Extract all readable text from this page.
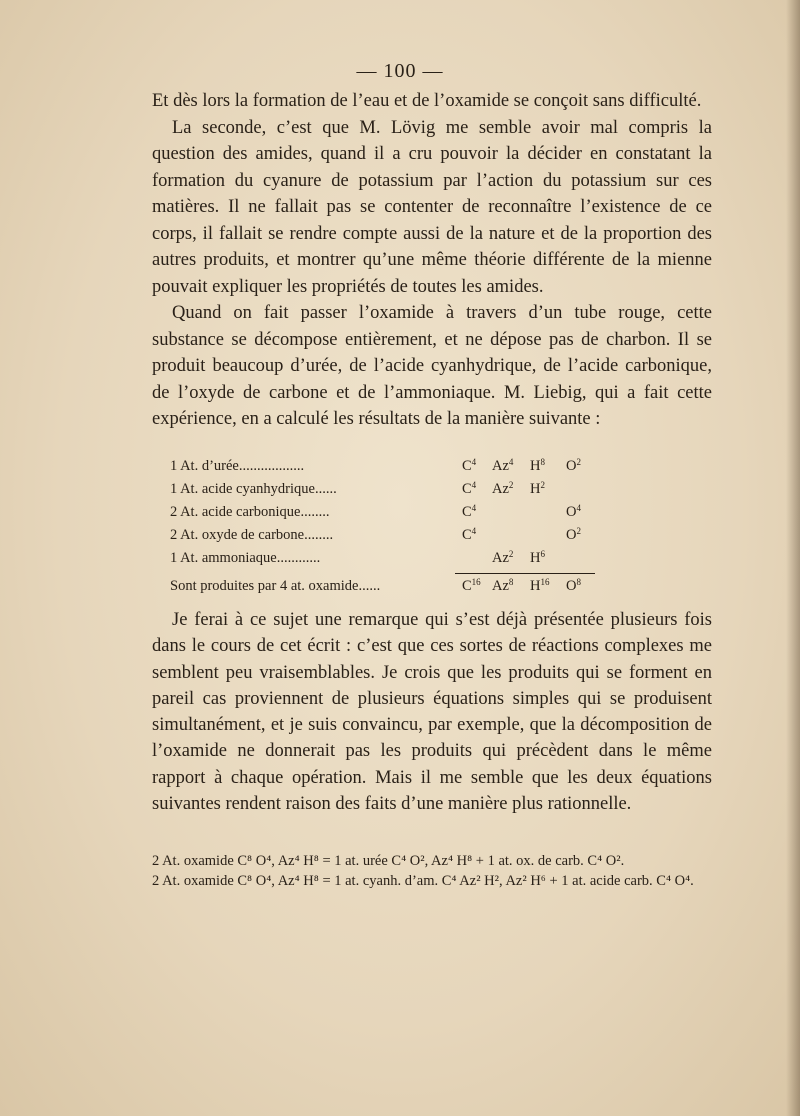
— 100 —

Et dès lors la formation de l’eau et de l’oxamide se conçoit sans difficulté.

La seconde, c’est que M. Lövig me semble avoir mal compris la question des amides, quand il a cru pouvoir la décider en constatant la formation du cyanure de potassium par l’action du potassium sur ces matières. Il ne fallait pas se contenter de reconnaître l’existence de ce corps, il fallait se rendre compte aussi de la nature et de la proportion des autres produits, et montrer qu’une même théorie différente de la mienne pouvait expliquer les propriétés de toutes les amides.

Quand on fait passer l’oxamide à travers d’un tube rouge, cette substance se décompose entièrement, et ne dépose pas de charbon. Il se produit beaucoup d’urée, de l’acide cyanhydrique, de l’acide carbonique, de l’oxyde de carbone et de l’ammoniaque. M. Liebig, qui a fait cette expérience, en a calculé les résultats de la manière suivante :

1 At. d’urée..................	$C^4$ Az$^4$ $H^8$ $O^2$
1 At. acide cyanhydrique......	$C^4$ Az$^2$ $H^2$
2 At. acide carbonique........	$C^4$	$O^4$
2 At. oxyde de carbone........	$C^4$	$O^2$
1 At. ammoniaque............	Az$^2$ $H^6$
Sont produites par 4 at. oxamide......	$C^{16}$ Az$^8$ $H^{16}$ $O^8$

Je ferai à ce sujet une remarque qui s’est déjà présentée plusieurs fois dans le cours de cet écrit : c’est que ces sortes de réactions complexes me semblent peu vraisemblables. Je crois que les produits qui se forment en pareil cas proviennent de plusieurs équations simples qui se produisent simultanément, et je suis convaincu, par exemple, que la décomposition de l’oxamide ne donnerait pas les produits qui précèdent dans le même rapport à chaque opération. Mais il me semble que les deux équations suivantes rendent raison des faits d’une manière plus rationnelle.

2 At. oxamide C⁸ O⁴, Az⁴ H⁸ = 1 at. urée C⁴ O², Az⁴ H⁸ + 1 at. ox. de carb. C⁴ O².
2 At. oxamide C⁸ O⁴, Az⁴ H⁸ = 1 at. cyanh. d’am. C⁴ Az² H², Az² H⁶ + 1 at. acide carb. C⁴ O⁴.
